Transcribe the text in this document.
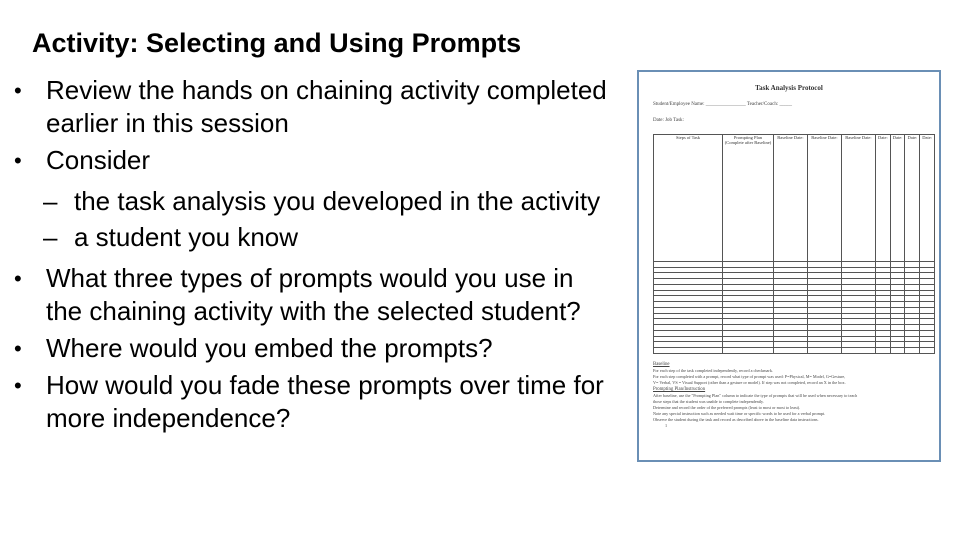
Activity: Selecting and Using Prompts
• Review the hands on chaining activity completed earlier in this session
• Consider
– the task analysis you developed in the activity
– a student you know
• What three types of prompts would you use in the chaining activity with the selected student?
• Where would you embed the prompts?
• How would you fade these prompts over time for more independence?
Task Analysis Protocol
Student/Employee Name: ________________ Teacher/Coach: _____
Date: Job Task:
Steps of Task	Prompting Plan (Complete after Baseline)	Baseline Date:	Baseline Date:	Baseline Date:	Date:	Date:	Date:	Date:

Baseline
For each step of the task completed independently, record a checkmark.
For each step completed with a prompt, record what type of prompt was used: P=Physical, M= Model, G=Gesture,
V= Verbal, VS = Visual Support (other than a gesture or model). If step was not completed, record an X in the box.
Prompting Plan/Instruction
After baseline, use the "Prompting Plan" column to indicate the type of prompts that will be used when necessary to teach
those steps that the student was unable to complete independently.
Determine and record the order of the preferred prompts (least to most or most to least).
Note any special instruction such as needed wait time or specific words to be used for a verbal prompt.
Observe the student during the task and record as described above in the baseline data instructions.
1
